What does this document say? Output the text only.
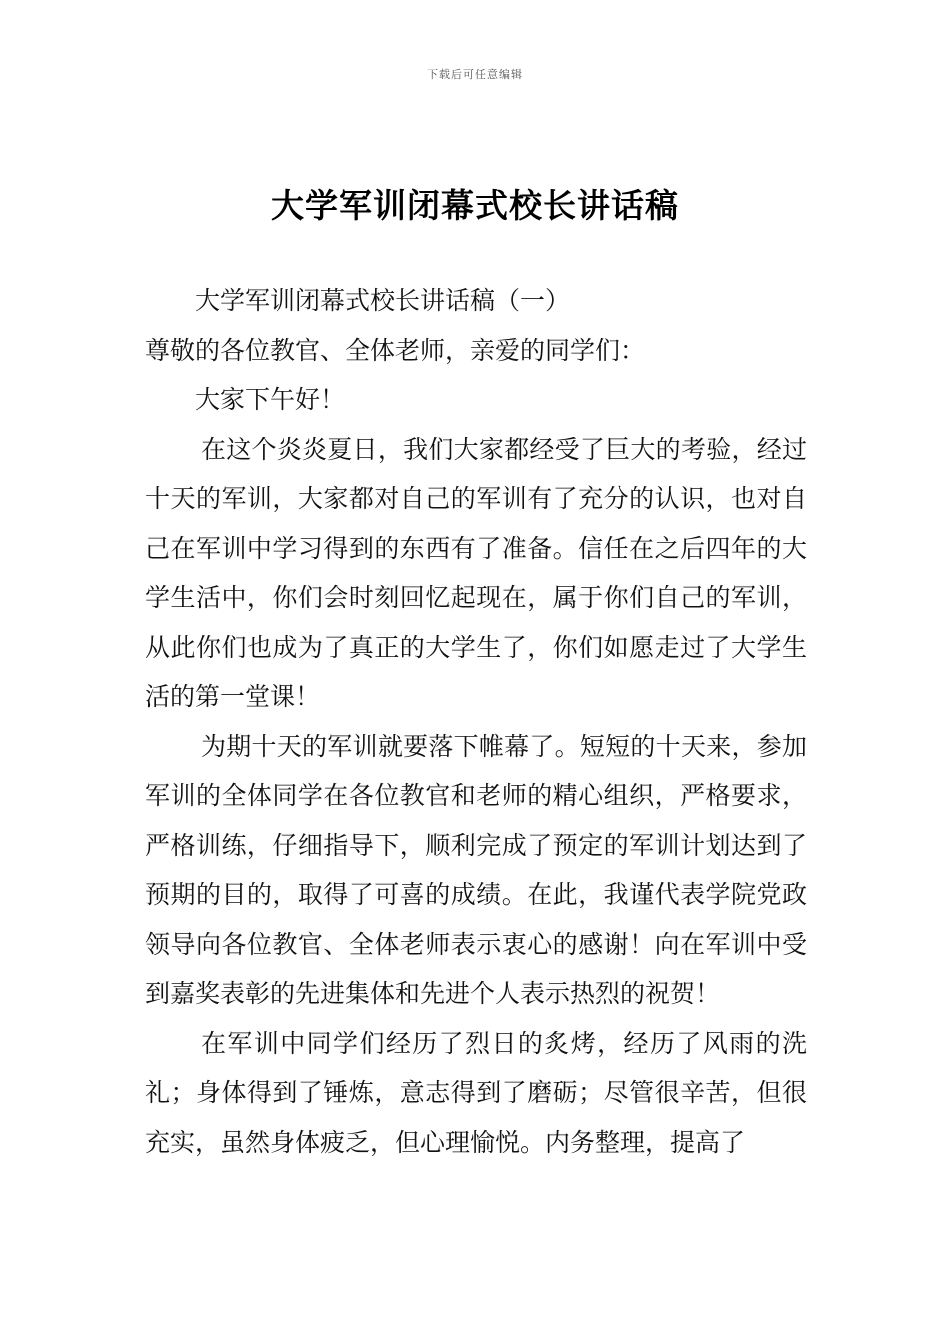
下载后可任意编辑
大学军训闭幕式校长讲话稿

大学军训闭幕式校长讲话稿（一）

尊敬的各位教官、全体老师，亲爱的同学们：

大家下午好！

在这个炎炎夏日，我们大家都经受了巨大的考验，经过十天的军训，大家都对自己的军训有了充分的认识，也对自己在军训中学习得到的东西有了准备。信任在之后四年的大学生活中，你们会时刻回忆起现在，属于你们自己的军训，从此你们也成为了真正的大学生了，你们如愿走过了大学生活的第一堂课！

为期十天的军训就要落下帷幕了。短短的十天来，参加军训的全体同学在各位教官和老师的精心组织，严格要求，严格训练，仔细指导下，顺利完成了预定的军训计划达到了预期的目的，取得了可喜的成绩。在此，我谨代表学院党政领导向各位教官、全体老师表示衷心的感谢！向在军训中受到嘉奖表彰的先进集体和先进个人表示热烈的祝贺！

在军训中同学们经历了烈日的炙烤，经历了风雨的洗礼；身体得到了锤炼，意志得到了磨砺；尽管很辛苦，但很充实，虽然身体疲乏，但心理愉悦。内务整理，提高了
